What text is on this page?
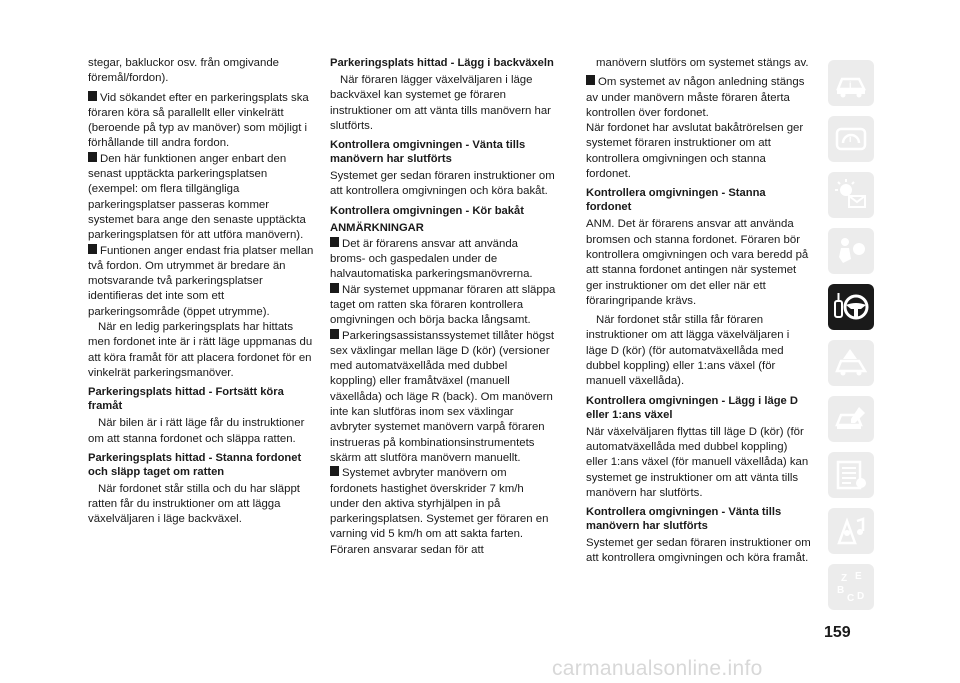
stegar, bakluckor osv. från omgivande föremål/fordon).

Vid sökandet efter en parkeringsplats ska föraren köra så parallellt eller vinkelrätt (beroende på typ av manöver) som möjligt i förhållande till andra fordon.

Den här funktionen anger enbart den senast upptäckta parkeringsplatsen (exempel: om flera tillgängliga parkeringsplatser passeras kommer systemet bara ange den senaste upptäckta parkeringsplatsen för att utföra manövern).

Funtionen anger endast fria platser mellan två fordon. Om utrymmet är bredare än motsvarande två parkeringsplatser identifieras det inte som ett parkeringsområde (öppet utrymme).

När en ledig parkeringsplats har hittats men fordonet inte är i rätt läge uppmanas du att köra framåt för att placera fordonet för en vinkelrät parkeringsmanöver.

Parkeringsplats hittad - Fortsätt köra framåt

När bilen är i rätt läge får du instruktioner om att stanna fordonet och släppa ratten.

Parkeringsplats hittad - Stanna fordonet och släpp taget om ratten

När fordonet står stilla och du har släppt ratten får du instruktioner om att lägga växelväljaren i läge backväxel.

Parkeringsplats hittad - Lägg i backväxeln

När föraren lägger växelväljaren i läge backväxel kan systemet ge föraren instruktioner om att vänta tills manövern har slutförts.

Kontrollera omgivningen - Vänta tills manövern har slutförts

Systemet ger sedan föraren instruktioner om att kontrollera omgivningen och köra bakåt.

Kontrollera omgivningen - Kör bakåt
ANMÄRKNINGAR

Det är förarens ansvar att använda broms- och gaspedalen under de halvautomatiska parkeringsmanövrerna.

När systemet uppmanar föraren att släppa taget om ratten ska föraren kontrollera omgivningen och börja backa långsamt.

Parkeringsassistanssystemet tillåter högst sex växlingar mellan läge D (kör) (versioner med automatväxellåda med dubbel koppling) eller framåtväxel (manuell växellåda) och läge R (back). Om manövern inte kan slutföras inom sex växlingar avbryter systemet manövern varpå föraren instrueras på kombinationsinstrumentets skärm att slutföra manövern manuellt.

Systemet avbryter manövern om fordonets hastighet överskrider 7 km/h under den aktiva styrhjälpen in på parkeringsplatsen. Systemet ger föraren en varning vid 5 km/h om att sakta farten. Föraren ansvarar sedan för att

manövern slutförs om systemet stängs av.

Om systemet av någon anledning stängs av under manövern måste föraren återta kontrollen över fordonet.

När fordonet har avslutat bakåtrörelsen ger systemet föraren instruktioner om att kontrollera omgivningen och stanna fordonet.

Kontrollera omgivningen - Stanna fordonet

ANM. Det är förarens ansvar att använda bromsen och stanna fordonet. Föraren bör kontrollera omgivningen och vara beredd på att stanna fordonet antingen när systemet ger instruktioner om det eller när ett föraringripande krävs.

När fordonet står stilla får föraren instruktioner om att lägga växelväljaren i läge D (kör) (för automatväxellåda med dubbel koppling) eller 1:ans växel (för manuell växellåda).

Kontrollera omgivningen - Lägg i läge D eller 1:ans växel

När växelväljaren flyttas till läge D (kör) (för automatväxellåda med dubbel koppling) eller 1:ans växel (för manuell växellåda) kan systemet ge instruktioner om att vänta tills manövern har slutförts.

Kontrollera omgivningen - Vänta tills manövern har slutförts

Systemet ger sedan föraren instruktioner om att kontrollera omgivningen och köra framåt.

i
i
Z E
B
C D
159
carmanualsonline.info
